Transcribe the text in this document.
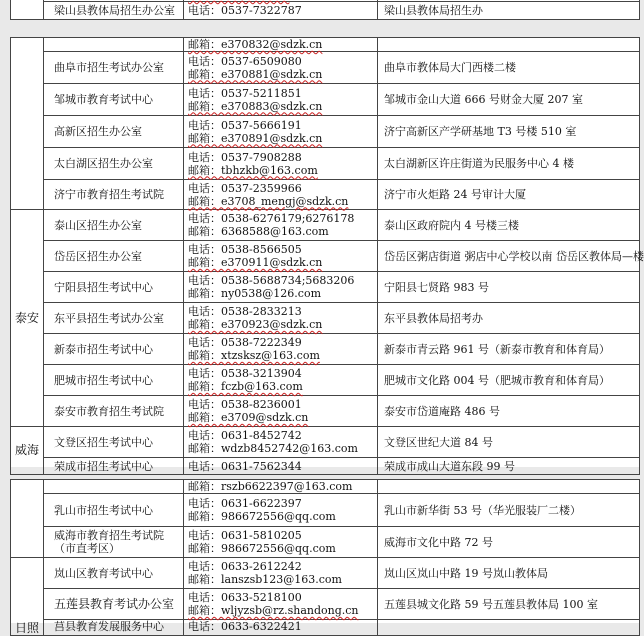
	梁山县教体局招生办公室	电话：0537-7322787	梁山县教体局招生办
		邮箱：e370832@sdzk.cn	
	曲阜市招生考试办公室	电话：0537-6509080
邮箱：e370881@sdzk.cn	曲阜市教体局大门西楼二楼
	邹城市教育考试中心	电话：0537-5211851
邮箱：e370883@sdzk.cn	邹城市金山大道 666 号财金大厦 207 室
	高新区招生办公室	电话：0537-5666191
邮箱：e370891@sdzk.cn	济宁高新区产学研基地 T3 号楼 510 室
	太白湖区招生办公室	电话：0537-7908288
邮箱：tbhzkb@163.com	太白湖新区许庄街道为民服务中心 4 楼
	济宁市教育招生考试院	电话：0537-2359966
邮箱：e3708_mengj@sdzk.cn	济宁市火炬路 24 号审计大厦
泰安	泰山区招生办公室	电话：0538-6276179;6276178
邮箱：6368588@163.com	泰山区政府院内 4 号楼三楼
	岱岳区招生办公室	电话：0538-8566505
邮箱：e370911@sdzk.cn	岱岳区粥店街道 粥店中心学校以南 岱岳区教体局—楼
	宁阳县招生考试中心	电话：0538-5688734;5683206
邮箱：ny0538@126.com	宁阳县七贤路 983 号
	东平县招生考试办公室	电话：0538-2833213
邮箱：e370923@sdzk.cn	东平县教体局招考办
	新泰市招生考试中心	电话：0538-7222349
邮箱：xtzsksz@163.com	新泰市青云路 961 号（新泰市教育和体育局）
	肥城市招生考试中心	电话：0538-3213904
邮箱：fczb@163.com	肥城市文化路 004 号（肥城市教育和体育局）
	泰安市教育招生考试院	电话：0538-8236001
邮箱：e3709@sdzk.cn	泰安市岱道庵路 486 号
威海	文登区招生考试中心	电话：0631-8452742
邮箱：wdzb8452742@163.com	文登区世纪大道 84 号
	荣成市招生考试中心	电话：0631-7562344	荣成市成山大道东段 99 号
		邮箱：rszb6622397@163.com	
	乳山市招生考试中心	电话：0631-6622397
邮箱：986672556@qq.com	乳山市新华街 53 号（华光服装厂二楼）

	威海市教育招生考试院
（市直考区）	电话：0631-5810205
邮箱：986672556@qq.com	威海市文化中路 72 号
日照	岚山区教育考试中心	电话：0633-2612242
邮箱：lanszsb123@163.com	岚山区岚山中路 19 号岚山教体局
	五莲县教育考试办公室	电话：0633-5218100
邮箱：wljyzsb@rz.shandong.cn	五莲县城文化路 59 号五莲县教体局 100 室
	莒县教育发展服务中心	电话：0633-6322421	
